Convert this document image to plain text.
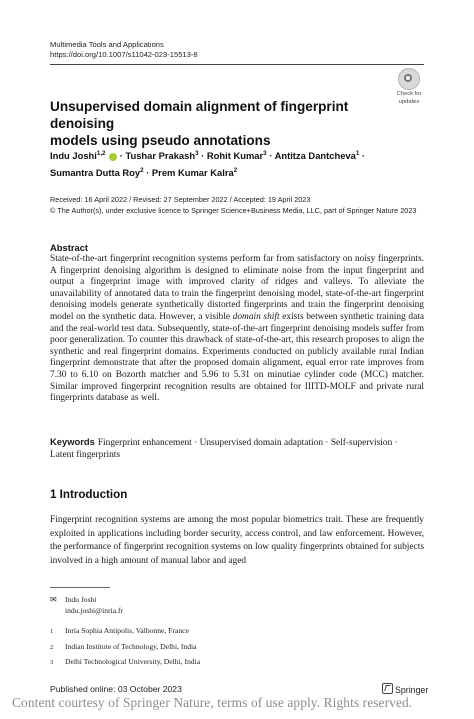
Multimedia Tools and Applications
https://doi.org/10.1007/s11042-023-15513-8
Check for
updates
Unsupervised domain alignment of fingerprint denoising
models using pseudo annotations
Indu Joshi$^{1,2}$  · Tushar Prakash$^3$ · Rohit Kumar$^3$ · Antitza Dantcheva$^1$ ·
Sumantra Dutta Roy$^2$ · Prem Kumar Kalra$^2$
Received: 16 April 2022 / Revised: 27 September 2022 / Accepted: 19 April 2023
© The Author(s), under exclusive licence to Springer Science+Business Media, LLC, part of Springer Nature 2023
Abstract
State-of-the-art fingerprint recognition systems perform far from satisfactory on noisy fingerprints. A fingerprint denoising algorithm is designed to eliminate noise from the input fingerprint and output a fingerprint image with improved clarity of ridges and valleys. To alleviate the unavailability of annotated data to train the fingerprint denoising model, state-of-the-art fingerprint denoising models generate synthetically distorted fingerprints and train the fingerprint denoising model on the synthetic data. However, a visible domain shift exists between synthetic training data and the real-world test data. Subsequently, state-of-the-art fingerprint denoising models suffer from poor generalization. To counter this drawback of state-of-the-art, this research proposes to align the synthetic and real fingerprint domains. Experiments conducted on publicly available rural Indian fingerprint demonstrate that after the proposed domain alignment, equal error rate improves from 7.30 to 6.10 on Bozorth matcher and 5.96 to 5.31 on minutiae cylinder code (MCC) matcher. Similar improved fingerprint recognition results are obtained for IIITD-MOLF and private rural fingerprints database as well.
Keywords Fingerprint enhancement · Unsupervised domain adaptation · Self-supervision · Latent fingerprints
1 Introduction
Fingerprint recognition systems are among the most popular biometrics trait. These are frequently exploited in applications including border security, access control, and law enforcement. However, the performance of fingerprint recognition systems on low quality fingerprints obtained for subjects involved in a high amount of manual labor and aged
✉ Indu Joshi
indu.joshi@inria.fr
1 Inria Sophia Antipolis, Valbonne, France
2 Indian Institute of Technology, Delhi, India
3 Delhi Technological University, Delhi, India
Published online: 03 October 2023	Springer
Content courtesy of Springer Nature, terms of use apply. Rights reserved.
